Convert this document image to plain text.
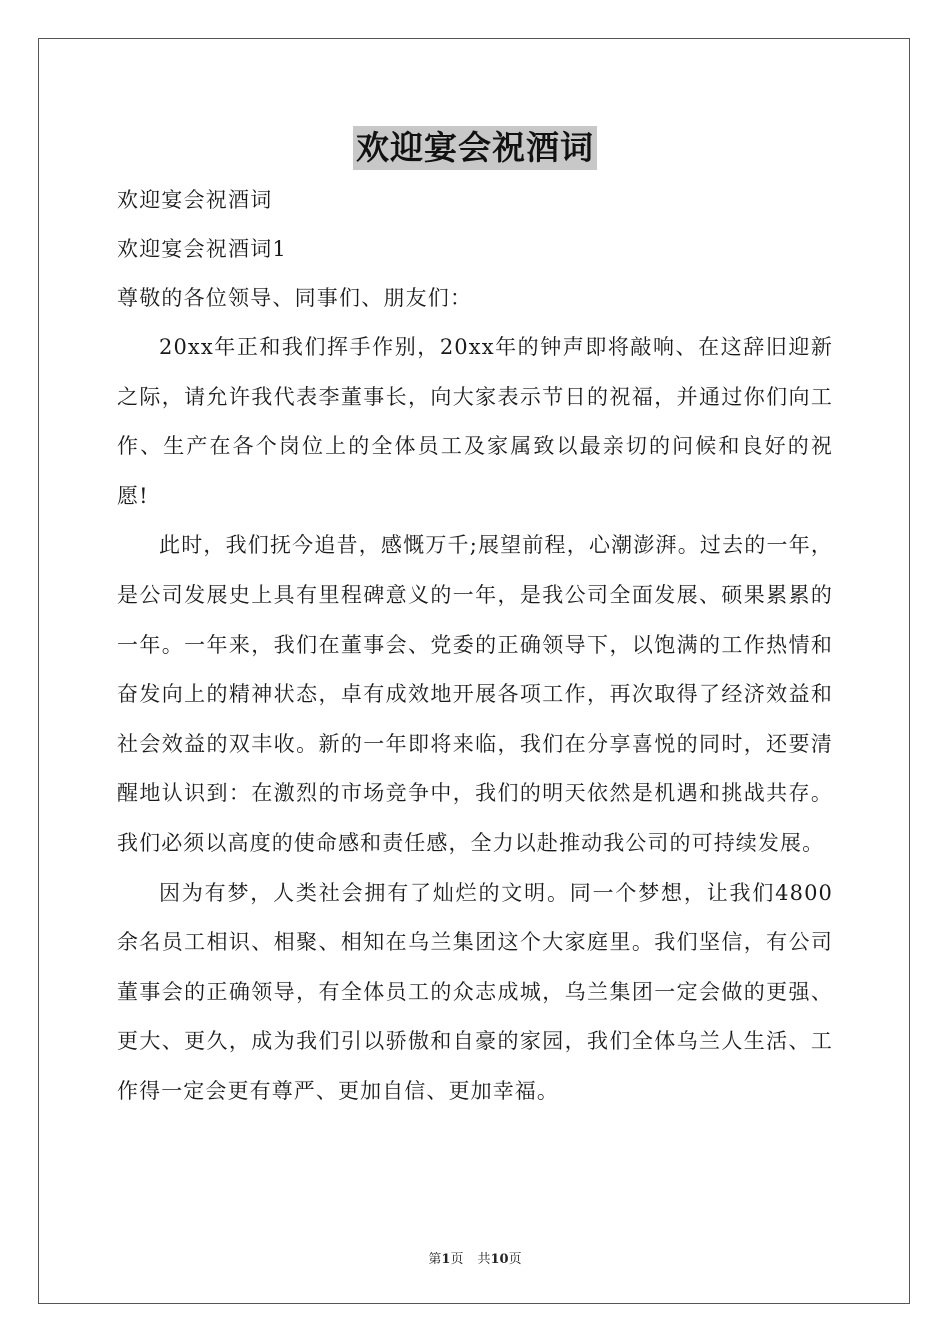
欢迎宴会祝酒词

欢迎宴会祝酒词

欢迎宴会祝酒词1

尊敬的各位领导、同事们、朋友们：

20xx年正和我们挥手作别，20xx年的钟声即将敲响、在这辞旧迎新之际，请允许我代表李董事长，向大家表示节日的祝福，并通过你们向工作、生产在各个岗位上的全体员工及家属致以最亲切的问候和良好的祝愿!

此时，我们抚今追昔，感慨万千;展望前程，心潮澎湃。过去的一年，是公司发展史上具有里程碑意义的一年，是我公司全面发展、硕果累累的一年。一年来，我们在董事会、党委的正确领导下，以饱满的工作热情和奋发向上的精神状态，卓有成效地开展各项工作，再次取得了经济效益和社会效益的双丰收。新的一年即将来临，我们在分享喜悦的同时，还要清醒地认识到：在激烈的市场竞争中，我们的明天依然是机遇和挑战共存。我们必须以高度的使命感和责任感，全力以赴推动我公司的可持续发展。

因为有梦，人类社会拥有了灿烂的文明。同一个梦想，让我们4800余名员工相识、相聚、相知在乌兰集团这个大家庭里。我们坚信，有公司董事会的正确领导，有全体员工的众志成城，乌兰集团一定会做的更强、更大、更久，成为我们引以骄傲和自豪的家园，我们全体乌兰人生活、工作得一定会更有尊严、更加自信、更加幸福。

第1页 共10页
